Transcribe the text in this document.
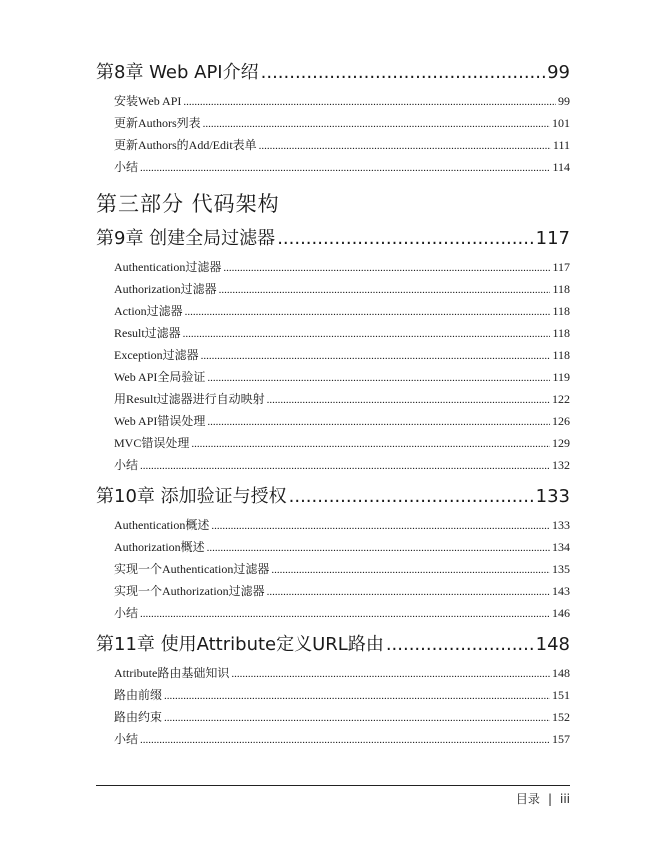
第8章 Web API介绍 .....	99
安装Web API .....	99
更新Authors列表 .....	101
更新Authors的Add/Edit表单 .....	111
小结 .....	114
第三部分 代码架构
第9章 创建全局过滤器 .....	117
Authentication过滤器 .....	117
Authorization过滤器 .....	118
Action过滤器 .....	118
Result过滤器 .....	118
Exception过滤器 .....	118
Web API全局验证 .....	119
用Result过滤器进行自动映射 .....	122
Web API错误处理 .....	126
MVC错误处理 .....	129
小结 .....	132
第10章 添加验证与授权 .....	133
Authentication概述 .....	133
Authorization概述 .....	134
实现一个Authentication过滤器 .....	135
实现一个Authorization过滤器 .....	143
小结 .....	146
第11章 使用Attribute定义URL路由 .....	148
Attribute路由基础知识 .....	148
路由前缀 .....	151
路由约束 .....	152
小结 .....	157
目录 | iii
